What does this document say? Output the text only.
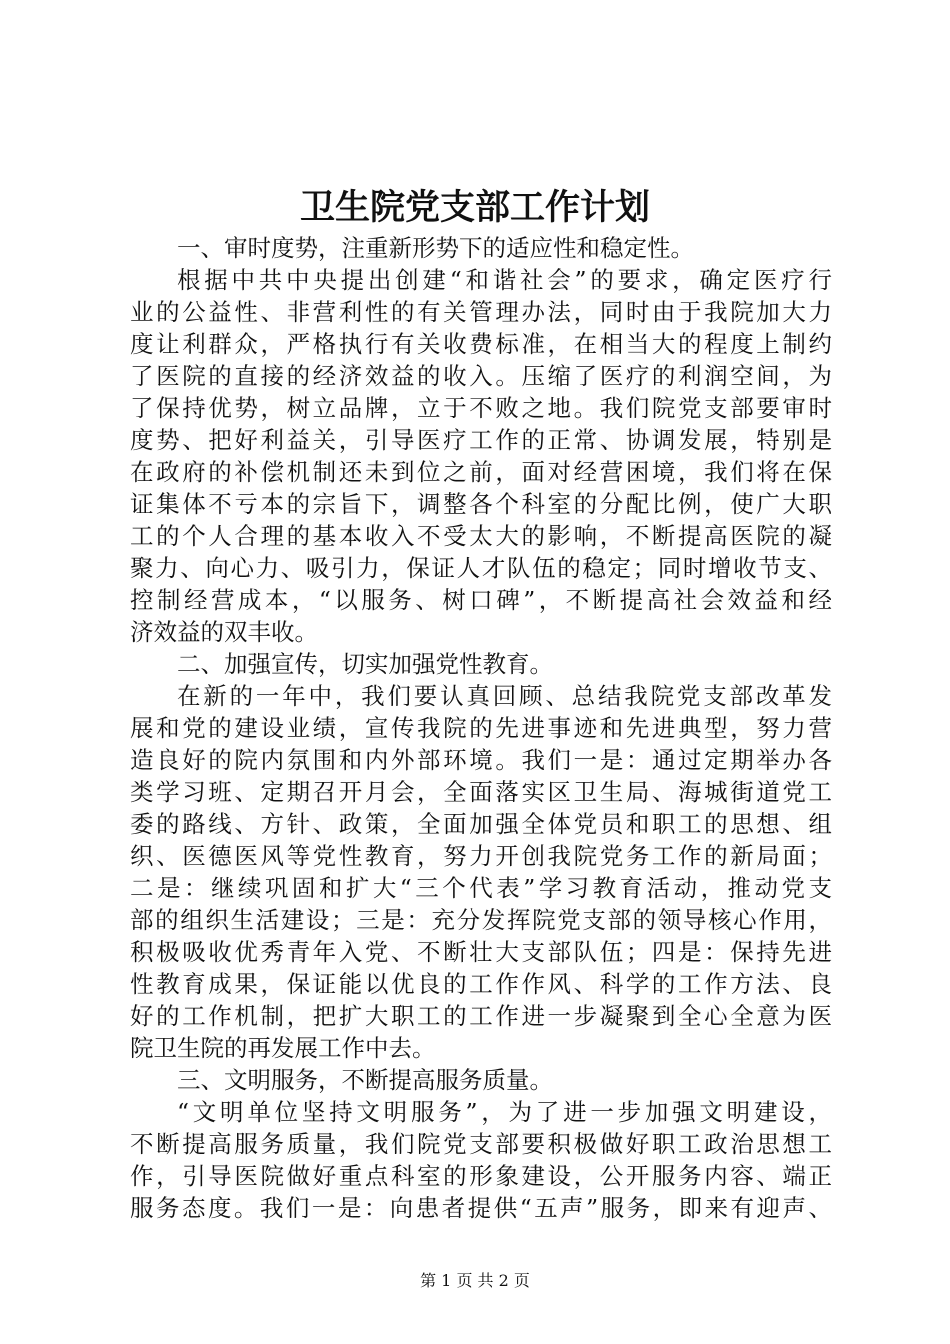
卫生院党支部工作计划
一、审时度势，注重新形势下的适应性和稳定性。
根据中共中央提出创建“和谐社会”的要求，确定医疗行
业的公益性、非营利性的有关管理办法，同时由于我院加大力
度让利群众，严格执行有关收费标准，在相当大的程度上制约
了医院的直接的经济效益的收入。压缩了医疗的利润空间，为
了保持优势，树立品牌，立于不败之地。我们院党支部要审时
度势、把好利益关，引导医疗工作的正常、协调发展，特别是
在政府的补偿机制还未到位之前，面对经营困境，我们将在保
证集体不亏本的宗旨下，调整各个科室的分配比例，使广大职
工的个人合理的基本收入不受太大的影响，不断提高医院的凝
聚力、向心力、吸引力，保证人才队伍的稳定；同时增收节支、
控制经营成本，“以服务、树口碑”，不断提高社会效益和经
济效益的双丰收。
二、加强宣传，切实加强党性教育。
在新的一年中，我们要认真回顾、总结我院党支部改革发
展和党的建设业绩，宣传我院的先进事迹和先进典型，努力营
造良好的院内氛围和内外部环境。我们一是：通过定期举办各
类学习班、定期召开月会，全面落实区卫生局、海城街道党工
委的路线、方针、政策，全面加强全体党员和职工的思想、组
织、医德医风等党性教育，努力开创我院党务工作的新局面；
二是：继续巩固和扩大“三个代表”学习教育活动，推动党支
部的组织生活建设；三是：充分发挥院党支部的领导核心作用，
积极吸收优秀青年入党、不断壮大支部队伍；四是：保持先进
性教育成果，保证能以优良的工作作风、科学的工作方法、良
好的工作机制，把扩大职工的工作进一步凝聚到全心全意为医
院卫生院的再发展工作中去。
三、文明服务，不断提高服务质量。
“文明单位坚持文明服务”，为了进一步加强文明建设，
不断提高服务质量，我们院党支部要积极做好职工政治思想工
作，引导医院做好重点科室的形象建设，公开服务内容、端正
服务态度。我们一是：向患者提供“五声”服务，即来有迎声、
第 1 页 共 2 页
